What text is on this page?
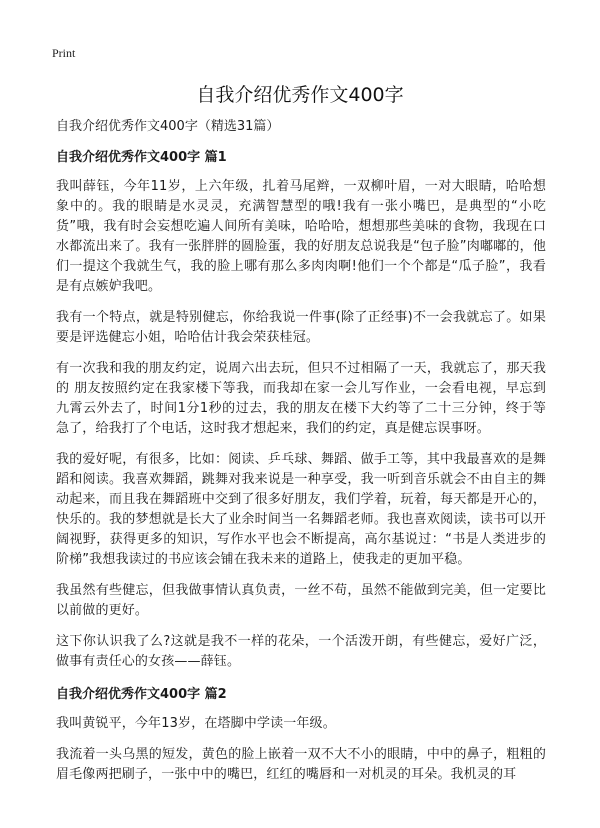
Print
自我介绍优秀作文400字

自我介绍优秀作文400字（精选31篇）

自我介绍优秀作文400字 篇1

我叫薛钰，今年11岁，上六年级，扎着马尾辫，一双柳叶眉，一对大眼睛，哈哈想象中的。我的眼睛是水灵灵，充满智慧型的哦!我有一张小嘴巴，是典型的“小吃货”哦，我有时会妄想吃遍人间所有美味，哈哈哈，想想那些美味的食物，我现在口水都流出来了。我有一张胖胖的圆脸蛋，我的好朋友总说我是“包子脸”肉嘟嘟的，他们一提这个我就生气，我的脸上哪有那么多肉肉啊!他们一个个都是“瓜子脸”，我看是有点嫉妒我吧。

我有一个特点，就是特别健忘，你给我说一件事(除了正经事)不一会我就忘了。如果要是评选健忘小姐，哈哈估计我会荣获桂冠。

有一次我和我的朋友约定，说周六出去玩，但只不过相隔了一天，我就忘了，那天我的 朋友按照约定在我家楼下等我，而我却在家一会儿写作业，一会看电视，早忘到九霄云外去了，时间1分1秒的过去，我的朋友在楼下大约等了二十三分钟，终于等急了，给我打了个电话，这时我才想起来，我们的约定，真是健忘误事呀。

我的爱好呢，有很多，比如：阅读、乒乓球、舞蹈、做手工等，其中我最喜欢的是舞蹈和阅读。我喜欢舞蹈，跳舞对我来说是一种享受，我一听到音乐就会不由自主的舞动起来，而且我在舞蹈班中交到了很多好朋友，我们学着，玩着，每天都是开心的，快乐的。我的梦想就是长大了业余时间当一名舞蹈老师。我也喜欢阅读，读书可以开阔视野，获得更多的知识，写作水平也会不断提高，高尔基说过：“书是人类进步的阶梯”我想我读过的书应该会铺在我未来的道路上，使我走的更加平稳。

我虽然有些健忘，但我做事情认真负责，一丝不苟，虽然不能做到完美，但一定要比以前做的更好。

这下你认识我了么?这就是我不一样的花朵，一个活泼开朗，有些健忘，爱好广泛，做事有责任心的女孩——薛钰。

自我介绍优秀作文400字 篇2

我叫黄锐平，今年13岁，在塔脚中学读一年级。

我流着一头乌黑的短发，黄色的脸上嵌着一双不大不小的眼睛，中中的鼻子，粗粗的眉毛像两把刷子，一张中中的嘴巴，红红的嘴唇和一对机灵的耳朵。我机灵的耳
